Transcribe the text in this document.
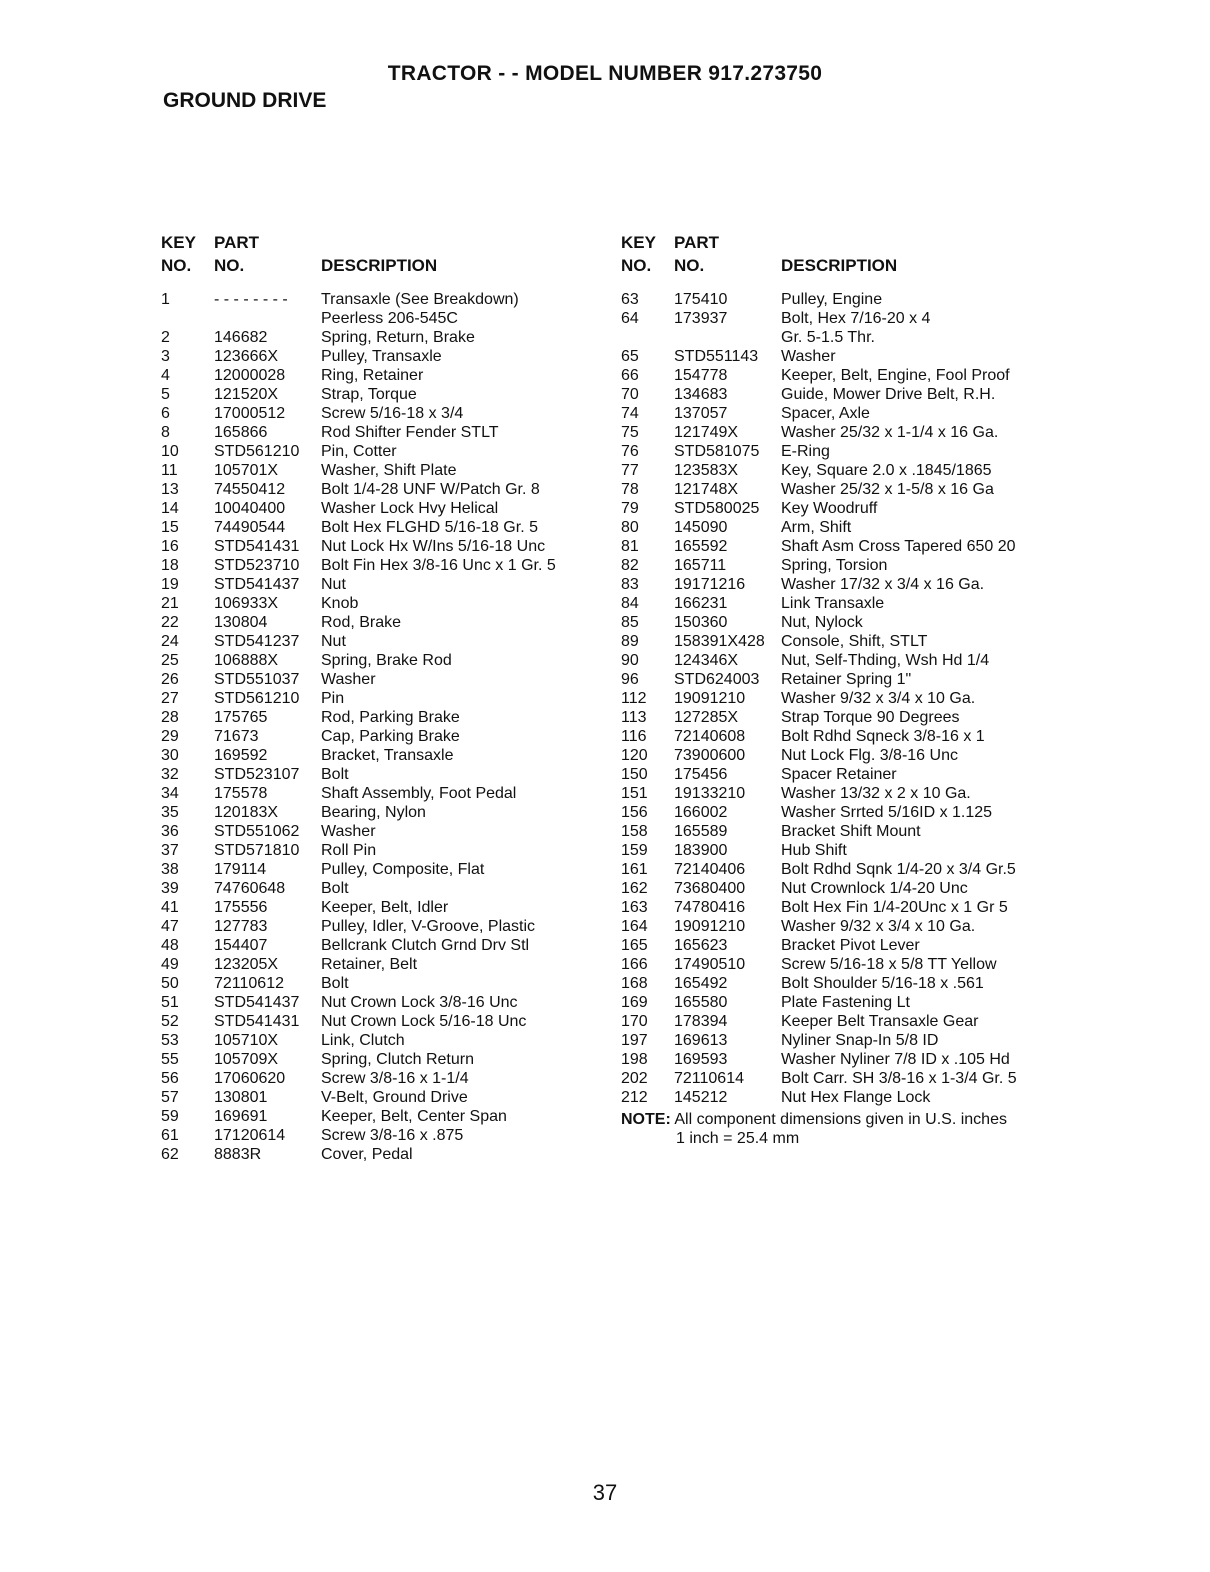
TRACTOR - - MODEL NUMBER 917.273750
GROUND DRIVE
KEY PART
NO. NO.	DESCRIPTION
1	- - - - - - - - Transaxle (See Breakdown)
Peerless 206-545C
2	146682	Spring, Return, Brake
3	123666X	Pulley, Transaxle
4	12000028 Ring, Retainer
5	121520X	Strap, Torque
6	17000512 Screw 5/16-18 x 3/4
8	165866	Rod Shifter Fender STLT
10 STD561210 Pin, Cotter
11 105701X	Washer, Shift Plate
13 74550412 Bolt 1/4-28 UNF W/Patch Gr. 8
14 10040400 Washer Lock Hvy Helical
15 74490544 Bolt Hex FLGHD 5/16-18 Gr. 5
16 STD541431 Nut Lock Hx W/Ins 5/16-18 Unc
18 STD523710 Bolt Fin Hex 3/8-16 Unc x 1 Gr. 5
19 STD541437 Nut
21 106933X	Knob
22 130804	Rod, Brake
24 STD541237 Nut
25 106888X	Spring, Brake Rod
26 STD551037 Washer
27 STD561210 Pin
28 175765	Rod, Parking Brake
29 71673	Cap, Parking Brake
30 169592	Bracket, Transaxle
32 STD523107 Bolt
34 175578	Shaft Assembly, Foot Pedal
35 120183X	Bearing, Nylon
36 STD551062 Washer
37 STD571810 Roll Pin
38 179114	Pulley, Composite, Flat
39 74760648 Bolt
41 175556	Keeper, Belt, Idler
47 127783	Pulley, Idler, V-Groove, Plastic
48 154407	Bellcrank Clutch Grnd Drv Stl
49 123205X	Retainer, Belt
50 72110612 Bolt
51 STD541437 Nut Crown Lock 3/8-16 Unc
52 STD541431 Nut Crown Lock 5/16-18 Unc
53 105710X	Link, Clutch
55 105709X	Spring, Clutch Return
56 17060620 Screw 3/8-16 x 1-1/4
57 130801	V-Belt, Ground Drive
59 169691	Keeper, Belt, Center Span
61 17120614 Screw 3/8-16 x .875
62 8883R	Cover, Pedal
KEY PART
NO. NO.	DESCRIPTION
63 175410	Pulley, Engine
64 173937	Bolt, Hex 7/16-20 x 4
Gr. 5-1.5 Thr.
65 STD551143 Washer
66 154778	Keeper, Belt, Engine, Fool Proof
70 134683	Guide, Mower Drive Belt, R.H.
74 137057	Spacer, Axle
75 121749X	Washer 25/32 x 1-1/4 x 16 Ga.
76 STD581075 E-Ring
77 123583X	Key, Square 2.0 x .1845/1865
78 121748X	Washer 25/32 x 1-5/8 x 16 Ga
79 STD580025 Key Woodruff
80 145090	Arm, Shift
81 165592	Shaft Asm Cross Tapered 650 20
82 165711	Spring, Torsion
83 19171216 Washer 17/32 x 3/4 x 16 Ga.
84 166231	Link Transaxle
85 150360	Nut, Nylock
89 158391X428 Console, Shift, STLT
90 124346X	Nut, Self-Thding, Wsh Hd 1/4
96 STD624003 Retainer Spring 1"
112 19091210 Washer 9/32 x 3/4 x 10 Ga.
113 127285X	Strap Torque 90 Degrees
116 72140608 Bolt Rdhd Sqneck 3/8-16 x 1
120 73900600 Nut Lock Flg. 3/8-16 Unc
150 175456	Spacer Retainer
151 19133210 Washer 13/32 x 2 x 10 Ga.
156 166002	Washer Srrted 5/16ID x 1.125
158 165589	Bracket Shift Mount
159 183900	Hub Shift
161 72140406 Bolt Rdhd Sqnk 1/4-20 x 3/4 Gr.5
162 73680400 Nut Crownlock 1/4-20 Unc
163 74780416 Bolt Hex Fin 1/4-20Unc x 1 Gr 5
164 19091210 Washer 9/32 x 3/4 x 10 Ga.
165 165623	Bracket Pivot Lever
166 17490510 Screw 5/16-18 x 5/8 TT Yellow
168 165492	Bolt Shoulder 5/16-18 x .561
169 165580	Plate Fastening Lt
170 178394	Keeper Belt Transaxle Gear
197 169613	Nyliner Snap-In 5/8 ID
198 169593	Washer Nyliner 7/8 ID x .105 Hd
202 72110614 Bolt Carr. SH 3/8-16 x 1-3/4 Gr. 5
212 145212	Nut Hex Flange Lock
NOTE: All component dimensions given in U.S. inches
1 inch = 25.4 mm
37
